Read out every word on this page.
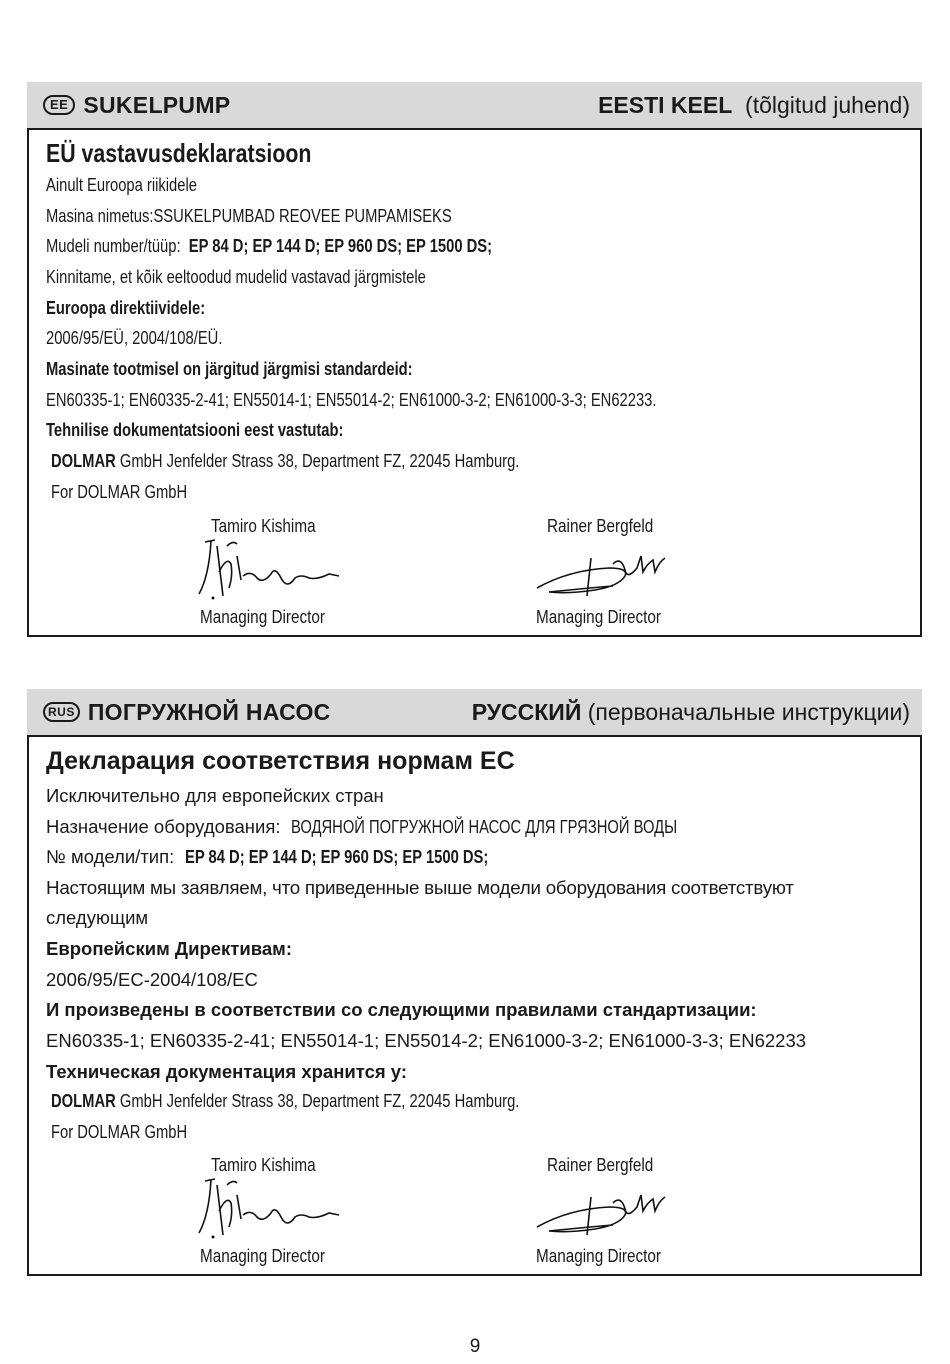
EE SUKELPUMP	EESTI KEEL (tõlgitud juhend)
EÜ vastavusdeklaratsioon
Ainult Euroopa riikidele
Masina nimetus:SSUKELPUMBAD REOVEE PUMPAMISEKS
Mudeli number/tüüp: EP 84 D; EP 144 D; EP 960 DS; EP 1500 DS;
Kinnitame, et kõik eeltoodud mudelid vastavad järgmistele
Euroopa direktiividele:
2006/95/EÜ, 2004/108/EÜ.
Masinate tootmisel on järgitud järgmisi standardeid:
EN60335-1; EN60335-2-41; EN55014-1; EN55014-2; EN61000-3-2; EN61000-3-3; EN62233.
Tehnilise dokumentatsiooni eest vastutab:
DOLMAR GmbH Jenfelder Strass 38, Department FZ, 22045 Hamburg.
For DOLMAR GmbH
Tamiro Kishima
Managing Director
Rainer Bergfeld
Managing Director
RUS ПОГРУЖНОЙ НАСОС	РУССКИЙ (первоначальные инструкции)
Декларация соответствия нормам ЕС
Исключительно для европейских стран
Назначение оборудования: ВОДЯНОЙ ПОГРУЖНОЙ НАСОС ДЛЯ ГРЯЗНОЙ ВОДЫ
№ модели/тип: EP 84 D; EP 144 D; EP 960 DS; EP 1500 DS;
Настоящим мы заявляем, что приведенные выше модели оборудования соответствуют
следующим
Европейским Директивам:
2006/95/EC-2004/108/EC
И произведены в соответствии со следующими правилами стандартизации:
EN60335-1; EN60335-2-41; EN55014-1; EN55014-2; EN61000-3-2; EN61000-3-3; EN62233
Техническая документация хранится у:
DOLMAR GmbH Jenfelder Strass 38, Department FZ, 22045 Hamburg.
For DOLMAR GmbH
Tamiro Kishima
Managing Director
Rainer Bergfeld
Managing Director
9
